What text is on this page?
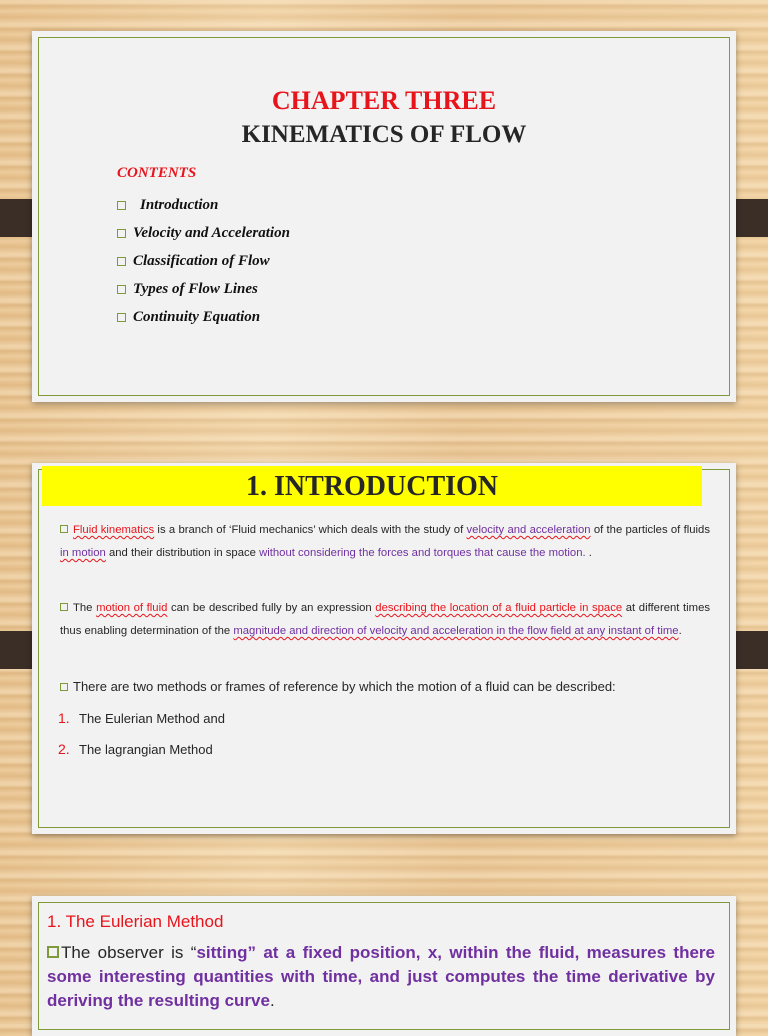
CHAPTER THREE
KINEMATICS OF FLOW
CONTENTS
Introduction
Velocity and Acceleration
Classification of Flow
Types of Flow Lines
Continuity Equation
1. INTRODUCTION
Fluid kinematics is a branch of ‘Fluid mechanics’ which deals with the study of velocity and acceleration of the particles of fluids in motion and their distribution in space without considering the forces and torques that cause the motion. .
The motion of fluid can be described fully by an expression describing the location of a fluid particle in space at different times thus enabling determination of the magnitude and direction of velocity and acceleration in the flow field at any instant of time.
There are two methods or frames of reference by which the motion of a fluid can be described:
1. The Eulerian Method and
2. The lagrangian Method
1. The Eulerian Method
The observer is “sitting” at a fixed position, x, within the fluid, measures there some interesting quantities with time, and just computes the time derivative by deriving the resulting curve.
